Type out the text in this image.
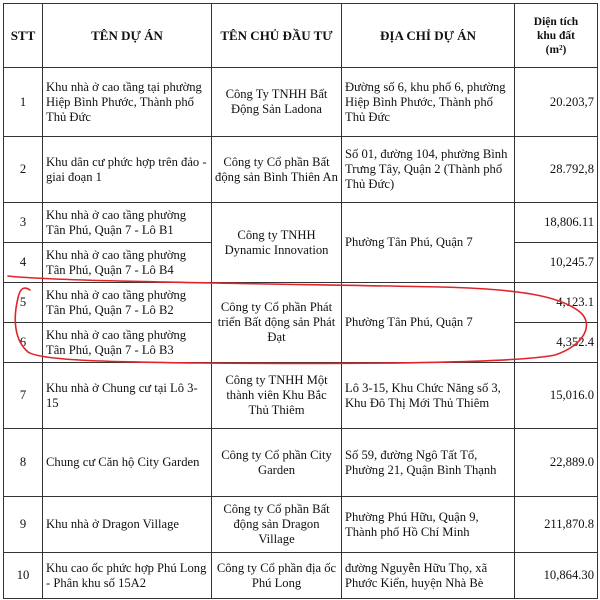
STT	TÊN DỰ ÁN	TÊN CHỦ ĐẦU TƯ	ĐỊA CHỈ DỰ ÁN	Diện tích
khu đất
(m²)
1	Khu nhà ở cao tầng tại phường Hiệp Bình Phước, Thành phố Thủ Đức	Công Ty TNHH Bất Động Sản Ladona	Đường số 6, khu phố 6, phường Hiệp Bình Phước, Thành phố Thủ Đức	20.203,7
2	Khu dân cư phức hợp trên đảo - giai đoạn 1	Công ty Cổ phần Bất động sản Bình Thiên An	Số 01, đường 104, phường Bình Trưng Tây, Quận 2 (Thành phố Thủ Đức)	28.792,8
3	Khu nhà ở cao tầng phường Tân Phú, Quận 7 - Lô B1	Công ty TNHH Dynamic Innovation	Phường Tân Phú, Quận 7	18,806.11
4	Khu nhà ở cao tầng phường Tân Phú, Quận 7 - Lô B4			10,245.7
5	Khu nhà ở cao tầng phường Tân Phú, Quận 7 - Lô B2	Công ty Cổ phần Phát triển Bất động sản Phát Đạt	Phường Tân Phú, Quận 7	4,123.1
6	Khu nhà ở cao tầng phường Tân Phú, Quận 7 - Lô B3			4,352.4
7	Khu nhà ở Chung cư tại Lô 3-15	Công ty TNHH Một thành viên Khu Bắc Thủ Thiêm	Lô 3-15, Khu Chức Năng số 3, Khu Đô Thị Mới Thủ Thiêm	15,016.0
8	Chung cư Căn hộ City Garden	Công ty Cổ phần City Garden	Số 59, đường Ngô Tất Tố, Phường 21, Quận Bình Thạnh	22,889.0
9	Khu nhà ở Dragon Village	Công ty Cổ phần Bất động sản Dragon Village	Phường Phú Hữu, Quận 9, Thành phố Hồ Chí Minh	211,870.8
10	Khu cao ốc phức hợp Phú Long - Phân khu số 15A2	Công ty Cổ phần địa ốc Phú Long	đường Nguyễn Hữu Thọ, xã Phước Kiển, huyện Nhà Bè	10,864.30
